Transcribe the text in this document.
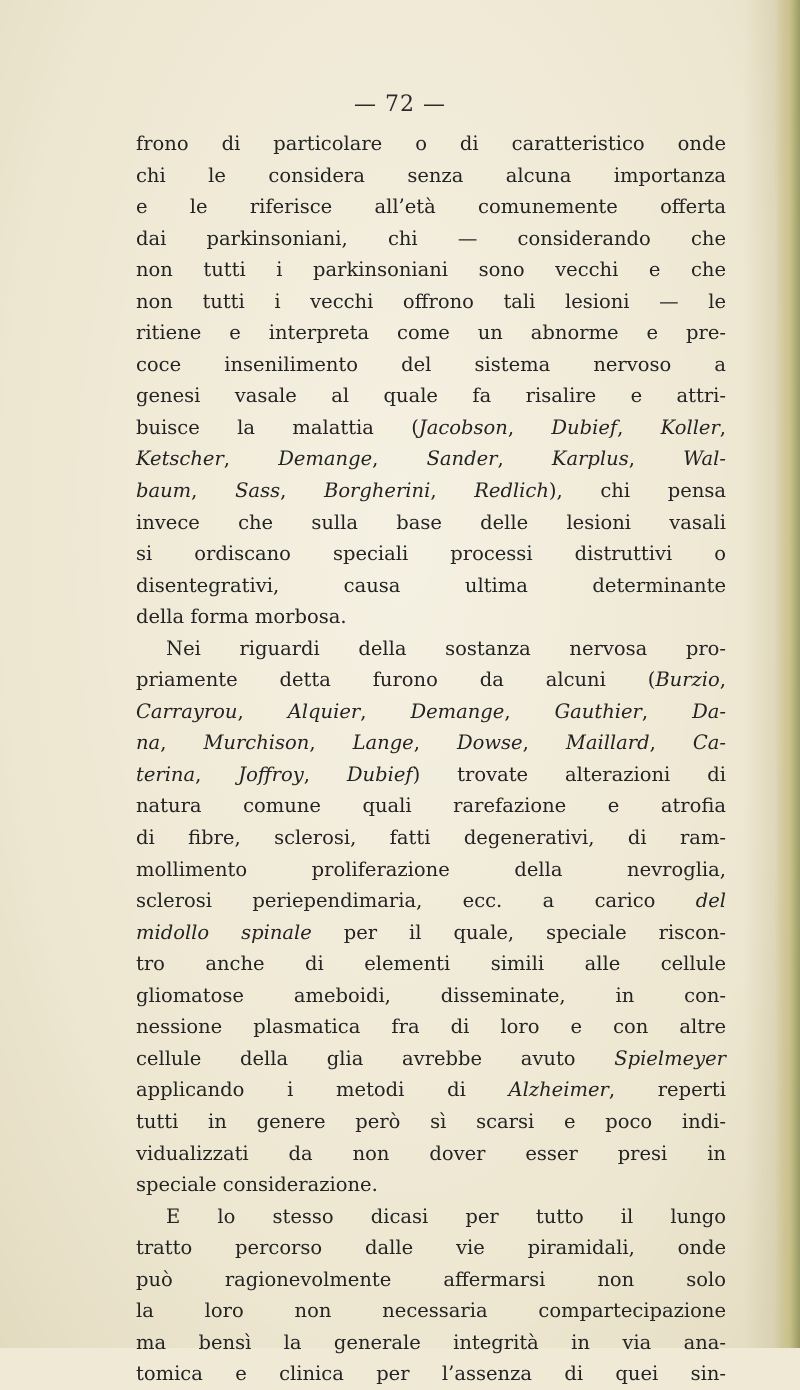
— 72 —
frono di particolare o di caratteristico onde
chi le considera senza alcuna importanza
e le riferisce all’età comunemente offerta
dai parkinsoniani, chi — considerando che
non tutti i parkinsoniani sono vecchi e che
non tutti i vecchi offrono tali lesioni — le
ritiene e interpreta come un abnorme e pre-
coce insenilimento del sistema nervoso a
genesi vasale al quale fa risalire e attri-
buisce la malattia (Jacobson, Dubief, Koller,
Ketscher, Demange, Sander, Karplus, Wal-
baum, Sass, Borgherini, Redlich), chi pensa
invece che sulla base delle lesioni vasali
si ordiscano speciali processi distruttivi o
disentegrativi, causa ultima determinante
della forma morbosa.
Nei riguardi della sostanza nervosa pro-
priamente detta furono da alcuni (Burzio,
Carrayrou, Alquier, Demange, Gauthier, Da-
na, Murchison, Lange, Dowse, Maillard, Ca-
terina, Joffroy, Dubief) trovate alterazioni di
natura comune quali rarefazione e atrofia
di fibre, sclerosi, fatti degenerativi, di ram-
mollimento proliferazione della nevroglia,
sclerosi periependimaria, ecc. a carico del
midollo spinale per il quale, speciale riscon-
tro anche di elementi simili alle cellule
gliomatose ameboidi, disseminate, in con-
nessione plasmatica fra di loro e con altre
cellule della glia avrebbe avuto Spielmeyer
applicando i metodi di Alzheimer, reperti
tutti in genere però sì scarsi e poco indi-
vidualizzati da non dover esser presi in
speciale considerazione.
E lo stesso dicasi per tutto il lungo
tratto percorso dalle vie piramidali, onde
può ragionevolmente affermarsi non solo
la loro non necessaria compartecipazione
ma bensì la generale integrità in via ana-
tomica e clinica per l’assenza di quei sin-
